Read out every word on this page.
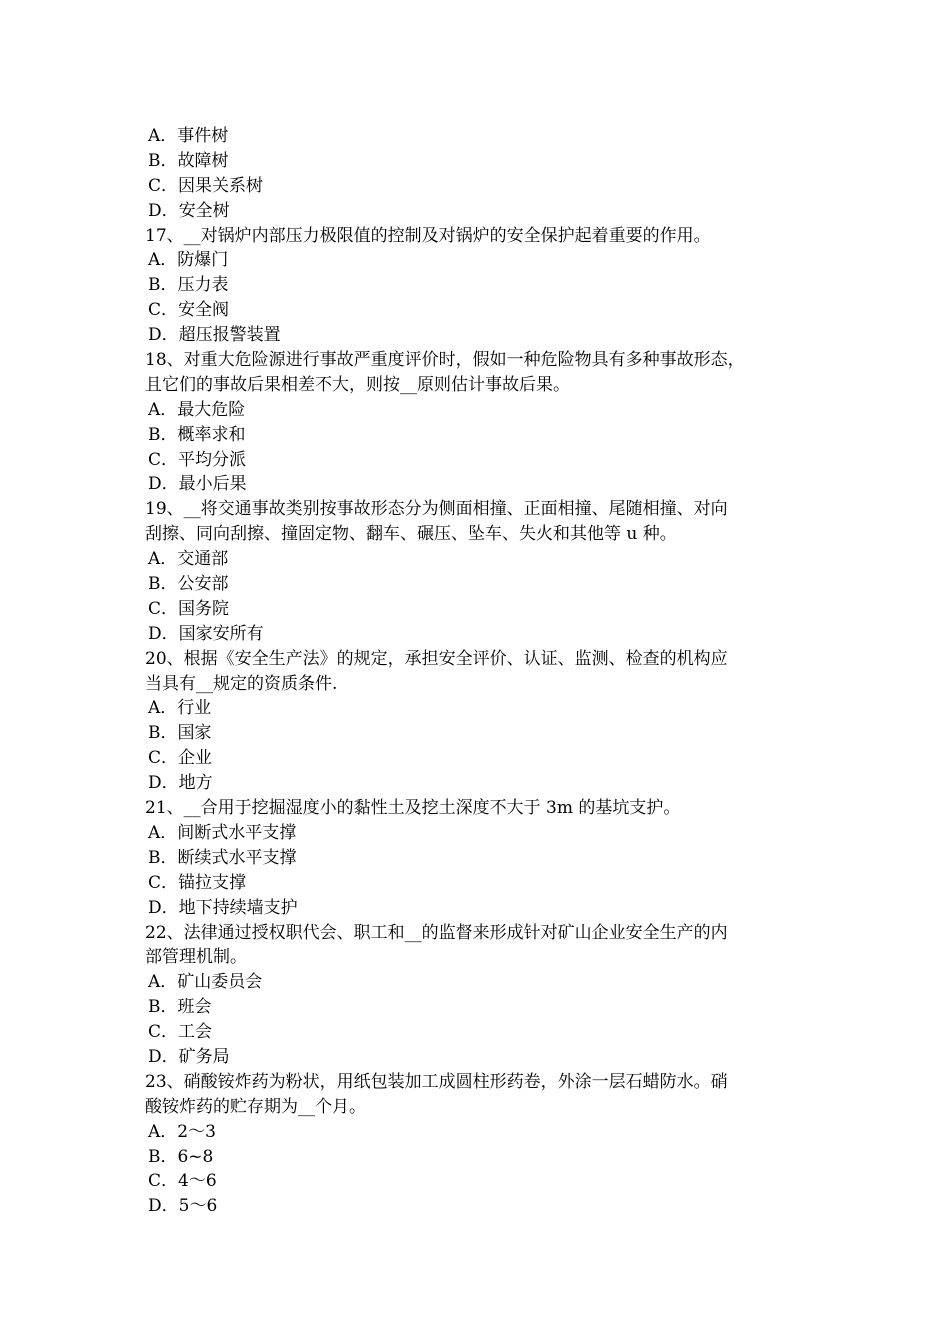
A．事件树
B．故障树
C．因果关系树
D．安全树
17、__对锅炉内部压力极限值的控制及对锅炉的安全保护起着重要的作用。
A．防爆门
B．压力表
C．安全阀
D．超压报警装置
18、对重大危险源进行事故严重度评价时，假如一种危险物具有多种事故形态，
且它们的事故后果相差不大，则按__原则估计事故后果。
A．最大危险
B．概率求和
C．平均分派
D．最小后果
19、__将交通事故类别按事故形态分为侧面相撞、正面相撞、尾随相撞、对向
刮擦、同向刮擦、撞固定物、翻车、碾压、坠车、失火和其他等 u 种。
A．交通部
B．公安部
C．国务院
D．国家安所有
20、根据《安全生产法》的规定，承担安全评价、认证、监测、检查的机构应
当具有__规定的资质条件.
A．行业
B．国家
C．企业
D．地方
21、__合用于挖掘湿度小的黏性土及挖土深度不大于 3m 的基坑支护。
A．间断式水平支撑
B．断续式水平支撑
C．锚拉支撑
D．地下持续墙支护
22、法律通过授权职代会、职工和__的监督来形成针对矿山企业安全生产的内
部管理机制。
A．矿山委员会
B．班会
C．工会
D．矿务局
23、硝酸铵炸药为粉状，用纸包装加工成圆柱形药卷，外涂一层石蜡防水。硝
酸铵炸药的贮存期为__个月。
A．2～3
B．6~8
C．4～6
D．5～6
